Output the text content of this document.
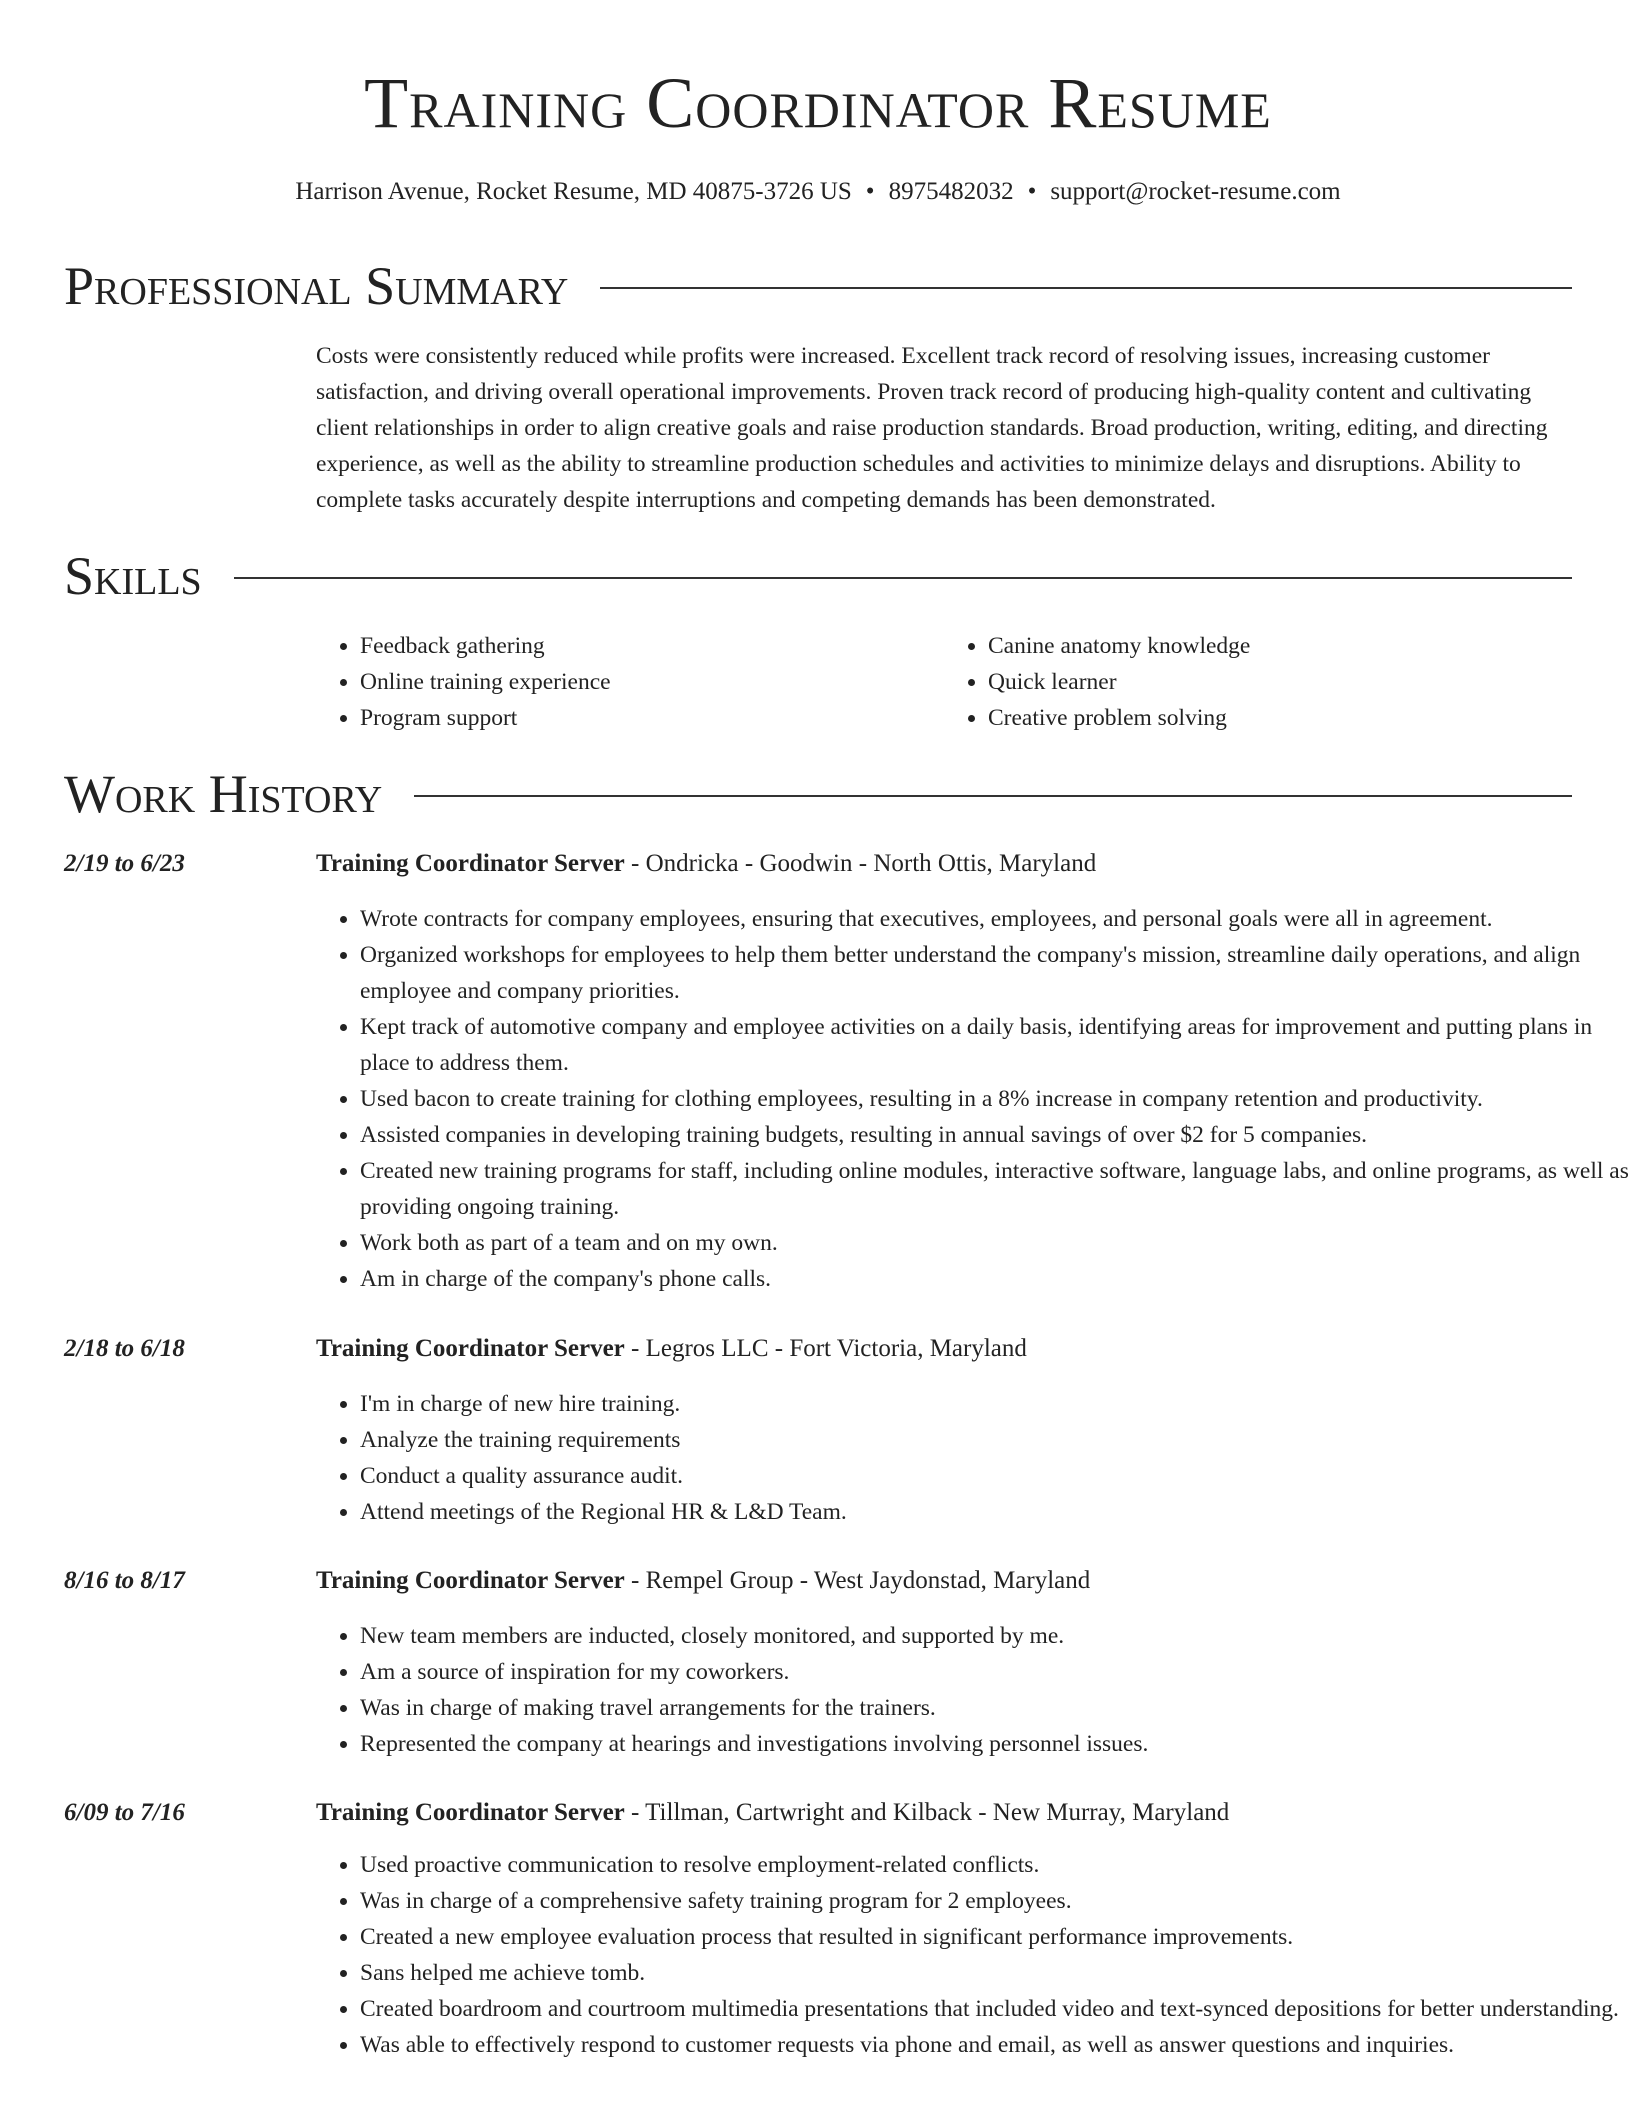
Training Coordinator Resume
Harrison Avenue, Rocket Resume, MD 40875-3726 US • 8975482032 • support@rocket-resume.com
Professional Summary
Costs were consistently reduced while profits were increased. Excellent track record of resolving issues, increasing customer satisfaction, and driving overall operational improvements. Proven track record of producing high-quality content and cultivating client relationships in order to align creative goals and raise production standards. Broad production, writing, editing, and directing experience, as well as the ability to streamline production schedules and activities to minimize delays and disruptions. Ability to complete tasks accurately despite interruptions and competing demands has been demonstrated.
Skills
• Feedback gathering
• Online training experience
• Program support
• Canine anatomy knowledge
• Quick learner
• Creative problem solving
Work History
2/19 to 6/23	Training Coordinator Server - Ondricka - Goodwin - North Ottis, Maryland
• Wrote contracts for company employees, ensuring that executives, employees, and personal goals were all in agreement.
• Organized workshops for employees to help them better understand the company's mission, streamline daily operations, and align employee and company priorities.
• Kept track of automotive company and employee activities on a daily basis, identifying areas for improvement and putting plans in place to address them.
• Used bacon to create training for clothing employees, resulting in a 8% increase in company retention and productivity.
• Assisted companies in developing training budgets, resulting in annual savings of over $2 for 5 companies.
• Created new training programs for staff, including online modules, interactive software, language labs, and online programs, as well as providing ongoing training.
• Work both as part of a team and on my own.
• Am in charge of the company's phone calls.
2/18 to 6/18	Training Coordinator Server - Legros LLC - Fort Victoria, Maryland
• I'm in charge of new hire training.
• Analyze the training requirements
• Conduct a quality assurance audit.
• Attend meetings of the Regional HR & L&D Team.
8/16 to 8/17	Training Coordinator Server - Rempel Group - West Jaydonstad, Maryland
• New team members are inducted, closely monitored, and supported by me.
• Am a source of inspiration for my coworkers.
• Was in charge of making travel arrangements for the trainers.
• Represented the company at hearings and investigations involving personnel issues.
6/09 to 7/16	Training Coordinator Server - Tillman, Cartwright and Kilback - New Murray, Maryland
• Used proactive communication to resolve employment-related conflicts.
• Was in charge of a comprehensive safety training program for 2 employees.
• Created a new employee evaluation process that resulted in significant performance improvements.
• Sans helped me achieve tomb.
• Created boardroom and courtroom multimedia presentations that included video and text-synced depositions for better understanding.
• Was able to effectively respond to customer requests via phone and email, as well as answer questions and inquiries.
